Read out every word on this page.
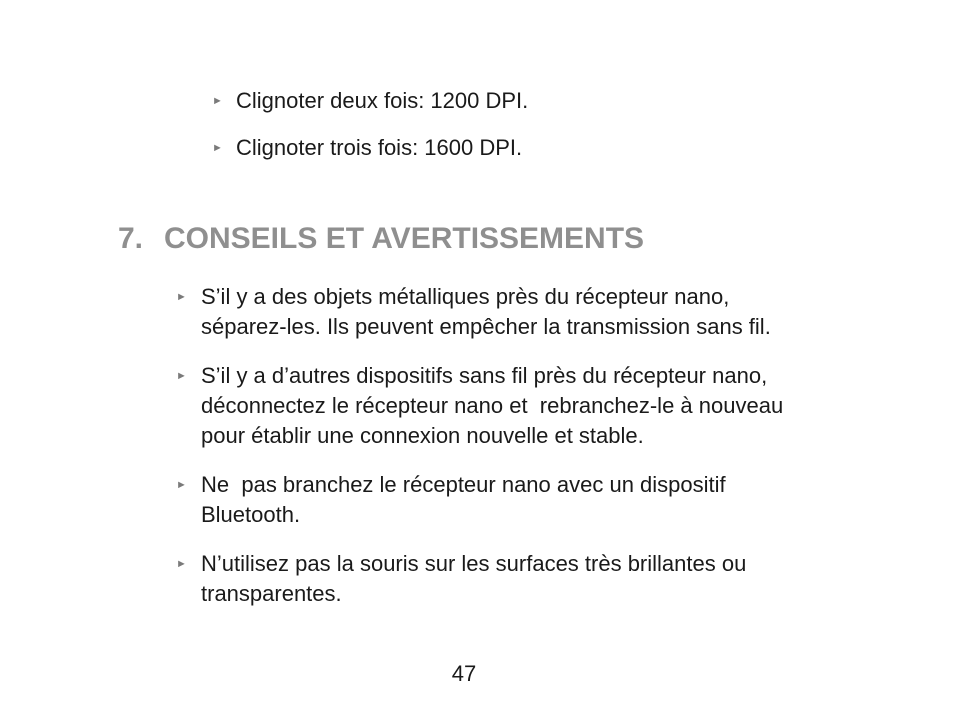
► Clignoter deux fois: 1200 DPI.
► Clignoter trois fois: 1600 DPI.
7. CONSEILS ET AVERTISSEMENTS
► S’il y a des objets métalliques près du récepteur nano,
séparez-les. Ils peuvent empêcher la transmission sans fil.
► S’il y a d’autres dispositifs sans fil près du récepteur nano,
déconnectez le récepteur nano et  rebranchez-le à nouveau
pour établir une connexion nouvelle et stable.
► Ne  pas branchez le récepteur nano avec un dispositif
Bluetooth.
► N’utilisez pas la souris sur les surfaces très brillantes ou
transparentes.
47
